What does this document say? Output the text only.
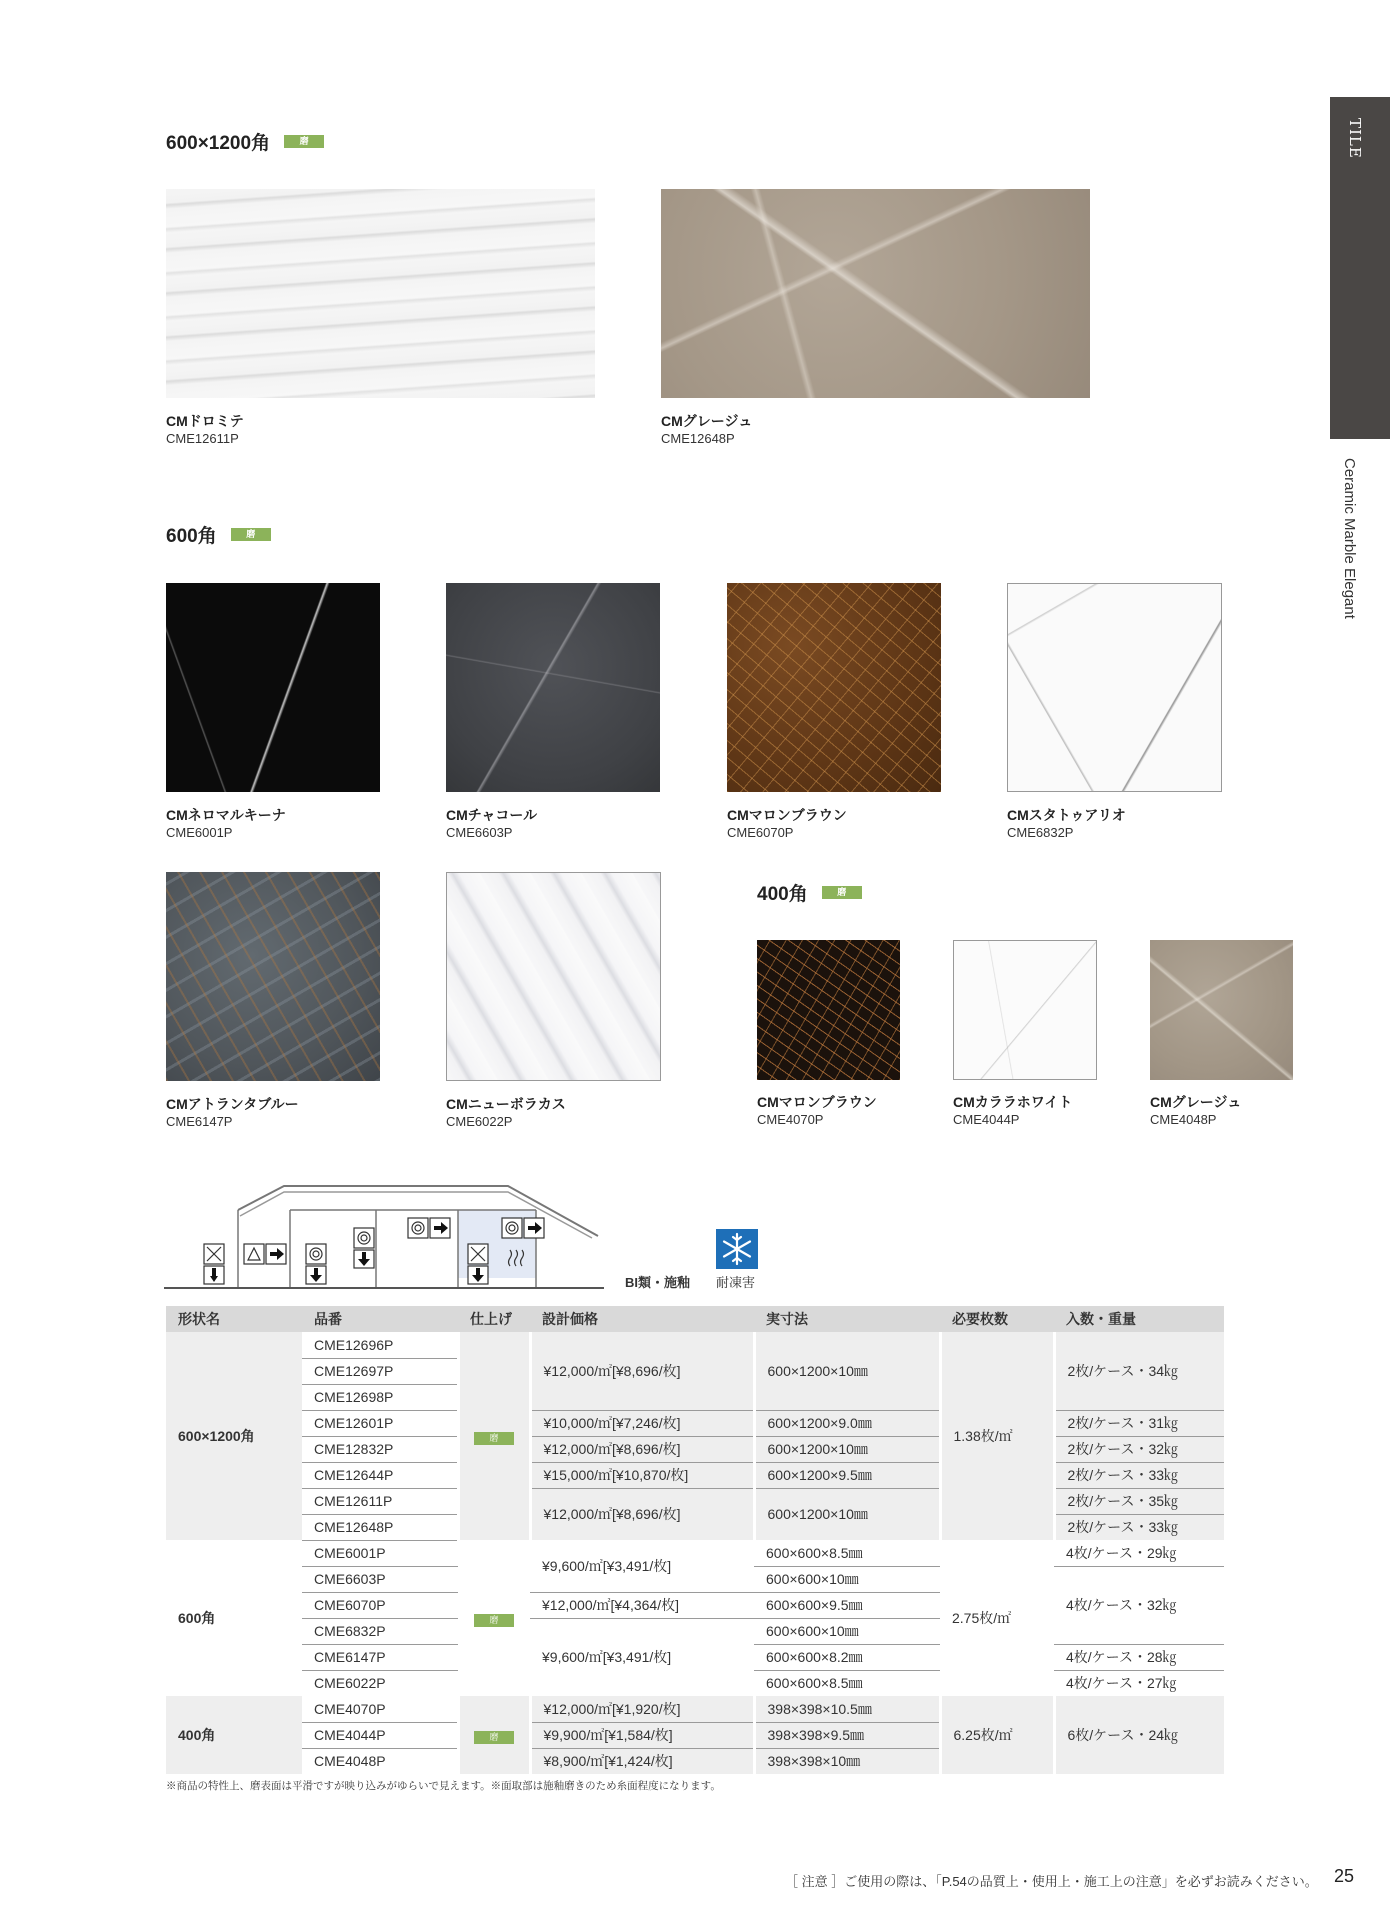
TILE
Ceramic Marble Elegant
600×1200角	磨
CMドロミテ
CME12611P
CMグレージュ
CME12648P
600角	磨
CMネロマルキーナ
CME6001P
CMチャコール
CME6603P
CMマロンブラウン
CME6070P
CMスタトゥアリオ
CME6832P
CMアトランタブルー
CME6147P
CMニューボラカス
CME6022P
400角	磨
CMマロンブラウン
CME4070P
CMカララホワイト
CME4044P
CMグレージュ
CME4048P
BI類・施釉 耐凍害
形状名	品番	仕上げ	設計価格	実寸法	必要枚数	入数・重量
600×1200角	CME12696P	磨	¥12,000/㎡[¥8,696/枚]	600×1200×10㎜	1.38枚/㎡	2枚/ケース・34㎏
	CME12697P					
	CME12698P					
	CME12601P		¥10,000/㎡[¥7,246/枚]	600×1200×9.0㎜		2枚/ケース・31㎏
	CME12832P		¥12,000/㎡[¥8,696/枚]	600×1200×10㎜		2枚/ケース・32㎏
	CME12644P		¥15,000/㎡[¥10,870/枚]	600×1200×9.5㎜		2枚/ケース・33㎏
	CME12611P		¥12,000/㎡[¥8,696/枚]	600×1200×10㎜		2枚/ケース・35㎏
	CME12648P					2枚/ケース・33㎏
600角	CME6001P	磨	¥9,600/㎡[¥3,491/枚]	600×600×8.5㎜	2.75枚/㎡	4枚/ケース・29㎏
	CME6603P			600×600×10㎜		4枚/ケース・32㎏
	CME6070P		¥12,000/㎡[¥4,364/枚]	600×600×9.5㎜		
	CME6832P		¥9,600/㎡[¥3,491/枚]	600×600×10㎜		
	CME6147P			600×600×8.2㎜		4枚/ケース・28㎏
	CME6022P			600×600×8.5㎜		4枚/ケース・27㎏
400角	CME4070P	磨	¥12,000/㎡[¥1,920/枚]	398×398×10.5㎜	6.25枚/㎡	6枚/ケース・24㎏
	CME4044P		¥9,900/㎡[¥1,584/枚]	398×398×9.5㎜		
	CME4048P		¥8,900/㎡[¥1,424/枚]	398×398×10㎜		
※商品の特性上、磨表面は平滑ですが映り込みがゆらいで見えます。※面取部は施釉磨きのため糸面程度になります。
［ 注意 ］ご使用の際は、「P.54の品質上・使用上・施工上の注意」を必ずお読みください。 25
